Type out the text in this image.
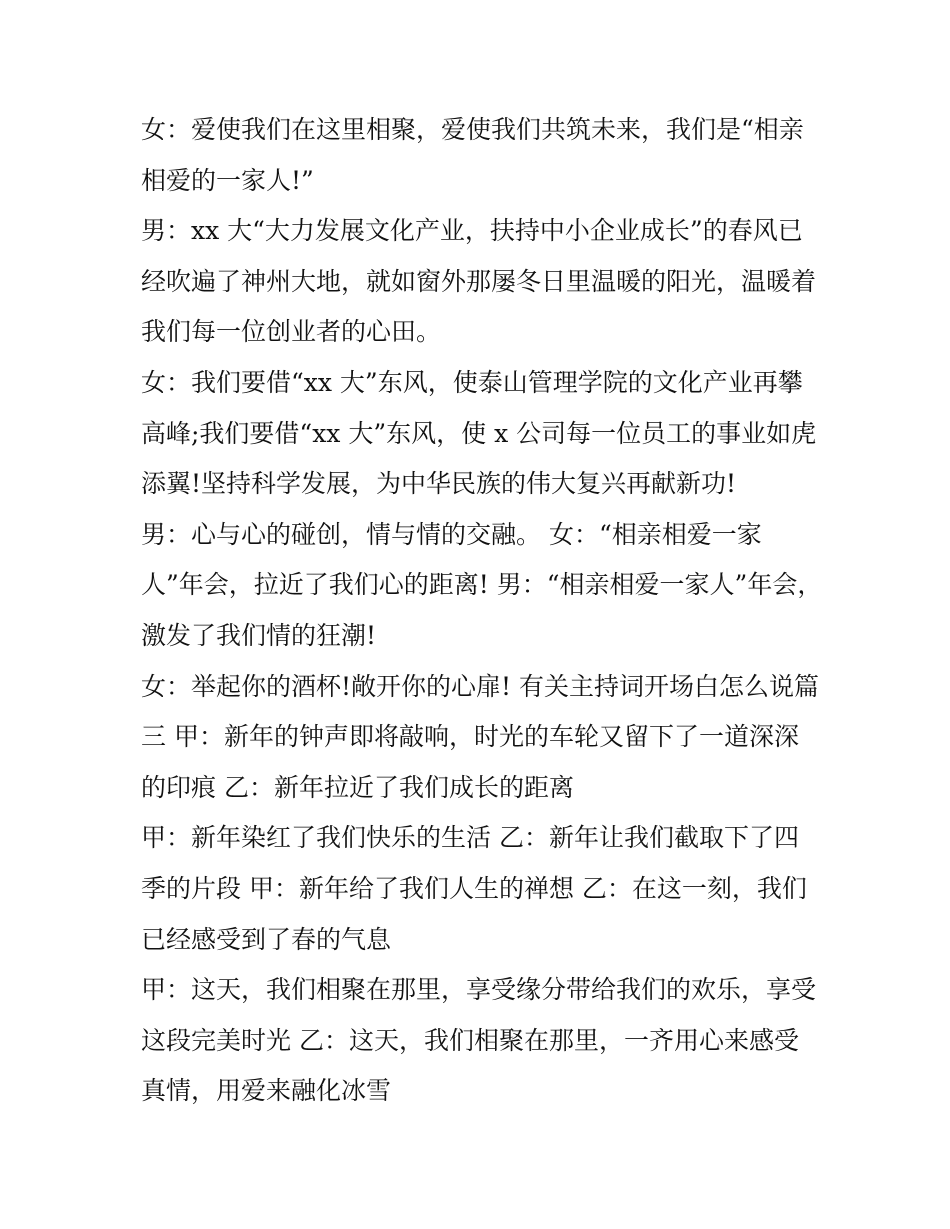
女：爱使我们在这里相聚，爱使我们共筑未来，我们是“相亲

相爱的一家人!”

男：xx 大“大力发展文化产业，扶持中小企业成长”的春风已

经吹遍了神州大地，就如窗外那屡冬日里温暖的阳光，温暖着

我们每一位创业者的心田。

女：我们要借“xx 大”东风，使泰山管理学院的文化产业再攀

高峰;我们要借“xx 大”东风，使 x 公司每一位员工的事业如虎

添翼!坚持科学发展，为中华民族的伟大复兴再献新功!

男：心与心的碰创，情与情的交融。 女：“相亲相爱一家

人”年会，拉近了我们心的距离! 男：“相亲相爱一家人”年会，

激发了我们情的狂潮!

女：举起你的酒杯!敞开你的心扉! 有关主持词开场白怎么说篇

三 甲：新年的钟声即将敲响，时光的车轮又留下了一道深深

的印痕 乙：新年拉近了我们成长的距离

甲：新年染红了我们快乐的生活 乙：新年让我们截取下了四

季的片段 甲：新年给了我们人生的禅想 乙：在这一刻，我们

已经感受到了春的气息

甲：这天，我们相聚在那里，享受缘分带给我们的欢乐，享受

这段完美时光 乙：这天，我们相聚在那里，一齐用心来感受

真情，用爱来融化冰雪
